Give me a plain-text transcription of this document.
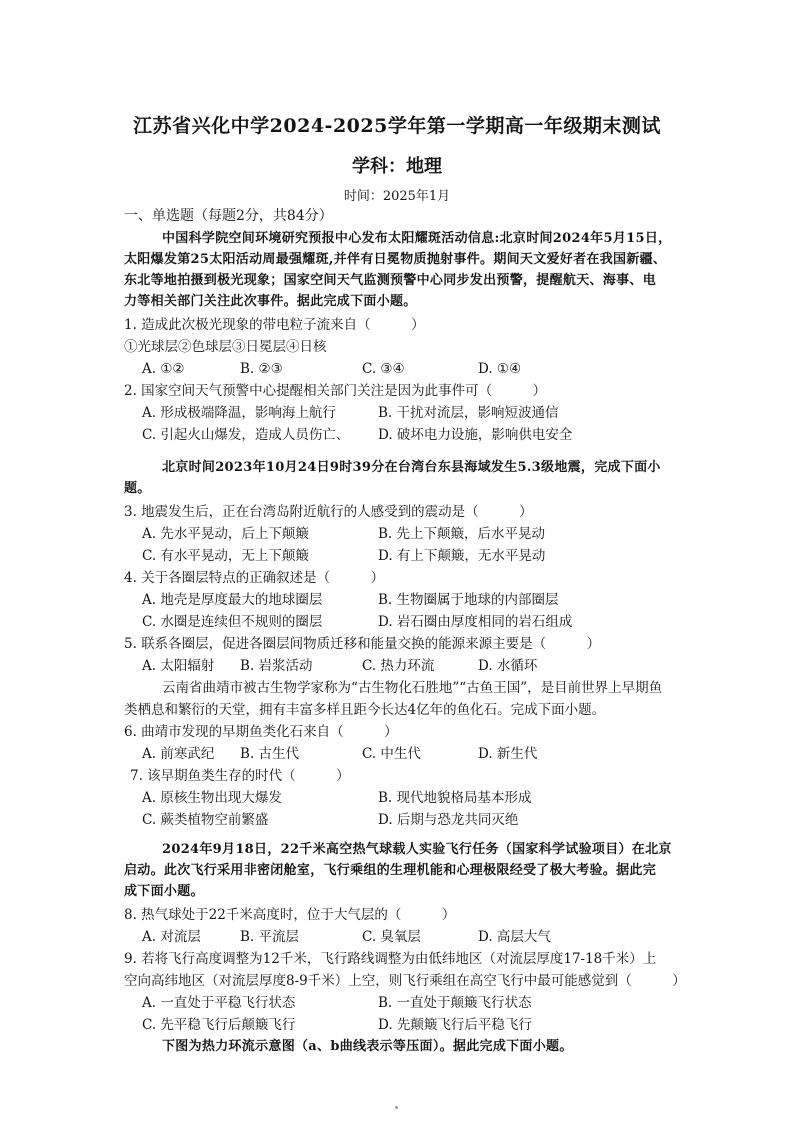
江苏省兴化中学2024-2025学年第一学期高一年级期末测试
学科：地理
时间：2025年1月
一、单选题（每题2分，共84分）
中国科学院空间环境研究预报中心发布太阳耀斑活动信息:北京时间2024年5月15日，
太阳爆发第25太阳活动周最强耀斑,并伴有日冕物质抛射事件。期间天文爱好者在我国新疆、
东北等地拍摄到极光现象；国家空间天气监测预警中心同步发出预警，提醒航天、海事、电
力等相关部门关注此次事件。据此完成下面小题。
1. 造成此次极光现象的带电粒子流来自（　　　）
①光球层②色球层③日冕层④日核
A. ①②	B. ②③	C. ③④	D. ①④
2. 国家空间天气预警中心提醒相关部门关注是因为此事件可（　　　）
A. 形成极端降温，影响海上航行	B. 干扰对流层，影响短波通信
C. 引起火山爆发，造成人员伤亡、 D. 破坏电力设施，影响供电安全
北京时间2023年10月24日9时39分在台湾台东县海域发生5.3级地震，完成下面小
题。
3. 地震发生后，正在台湾岛附近航行的人感受到的震动是（　　　）
A. 先水平晃动，后上下颠簸	B. 先上下颠簸，后水平晃动
C. 有水平晃动，无上下颠簸	D. 有上下颠簸，无水平晃动
4. 关于各圈层特点的正确叙述是（　　　）
A. 地壳是厚度最大的地球圈层	B. 生物圈属于地球的内部圈层
C. 水圈是连续但不规则的圈层	D. 岩石圈由厚度相同的岩石组成
5. 联系各圈层，促进各圈层间物质迁移和能量交换的能源来源主要是（　　　）
A. 太阳辐射 B. 岩浆活动	C. 热力环流	D. 水循环
云南省曲靖市被古生物学家称为“古生物化石胜地”“古鱼王国”，是目前世界上早期鱼
类栖息和繁衍的天堂，拥有丰富多样且距今长达4亿年的鱼化石。完成下面小题。
6. 曲靖市发现的早期鱼类化石来自（　　　）
A. 前寒武纪 B. 古生代	C. 中生代	D. 新生代
7. 该早期鱼类生存的时代（　　　）
A. 原核生物出现大爆发	B. 现代地貌格局基本形成
C. 蕨类植物空前繁盛	D. 后期与恐龙共同灭绝
2024年9月18日，22千米高空热气球载人实验飞行任务（国家科学试验项目）在北京
启动。此次飞行采用非密闭舱室，飞行乘组的生理机能和心理极限经受了极大考验。据此完
成下面小题。
8. 热气球处于22千米高度时，位于大气层的（　　　）
A. 对流层	B. 平流层	C. 臭氧层	D. 高层大气
9. 若将飞行高度调整为12千米，飞行路线调整为由低纬地区（对流层厚度17-18千米）上
空向高纬地区（对流层厚度8-9千米）上空，则飞行乘组在高空飞行中最可能感觉到（　　　）
A. 一直处于平稳飞行状态	B. 一直处于颠簸飞行状态
C. 先平稳飞行后颠簸飞行	D. 先颠簸飞行后平稳飞行
下图为热力环流示意图（a、b曲线表示等压面）。据此完成下面小题。
